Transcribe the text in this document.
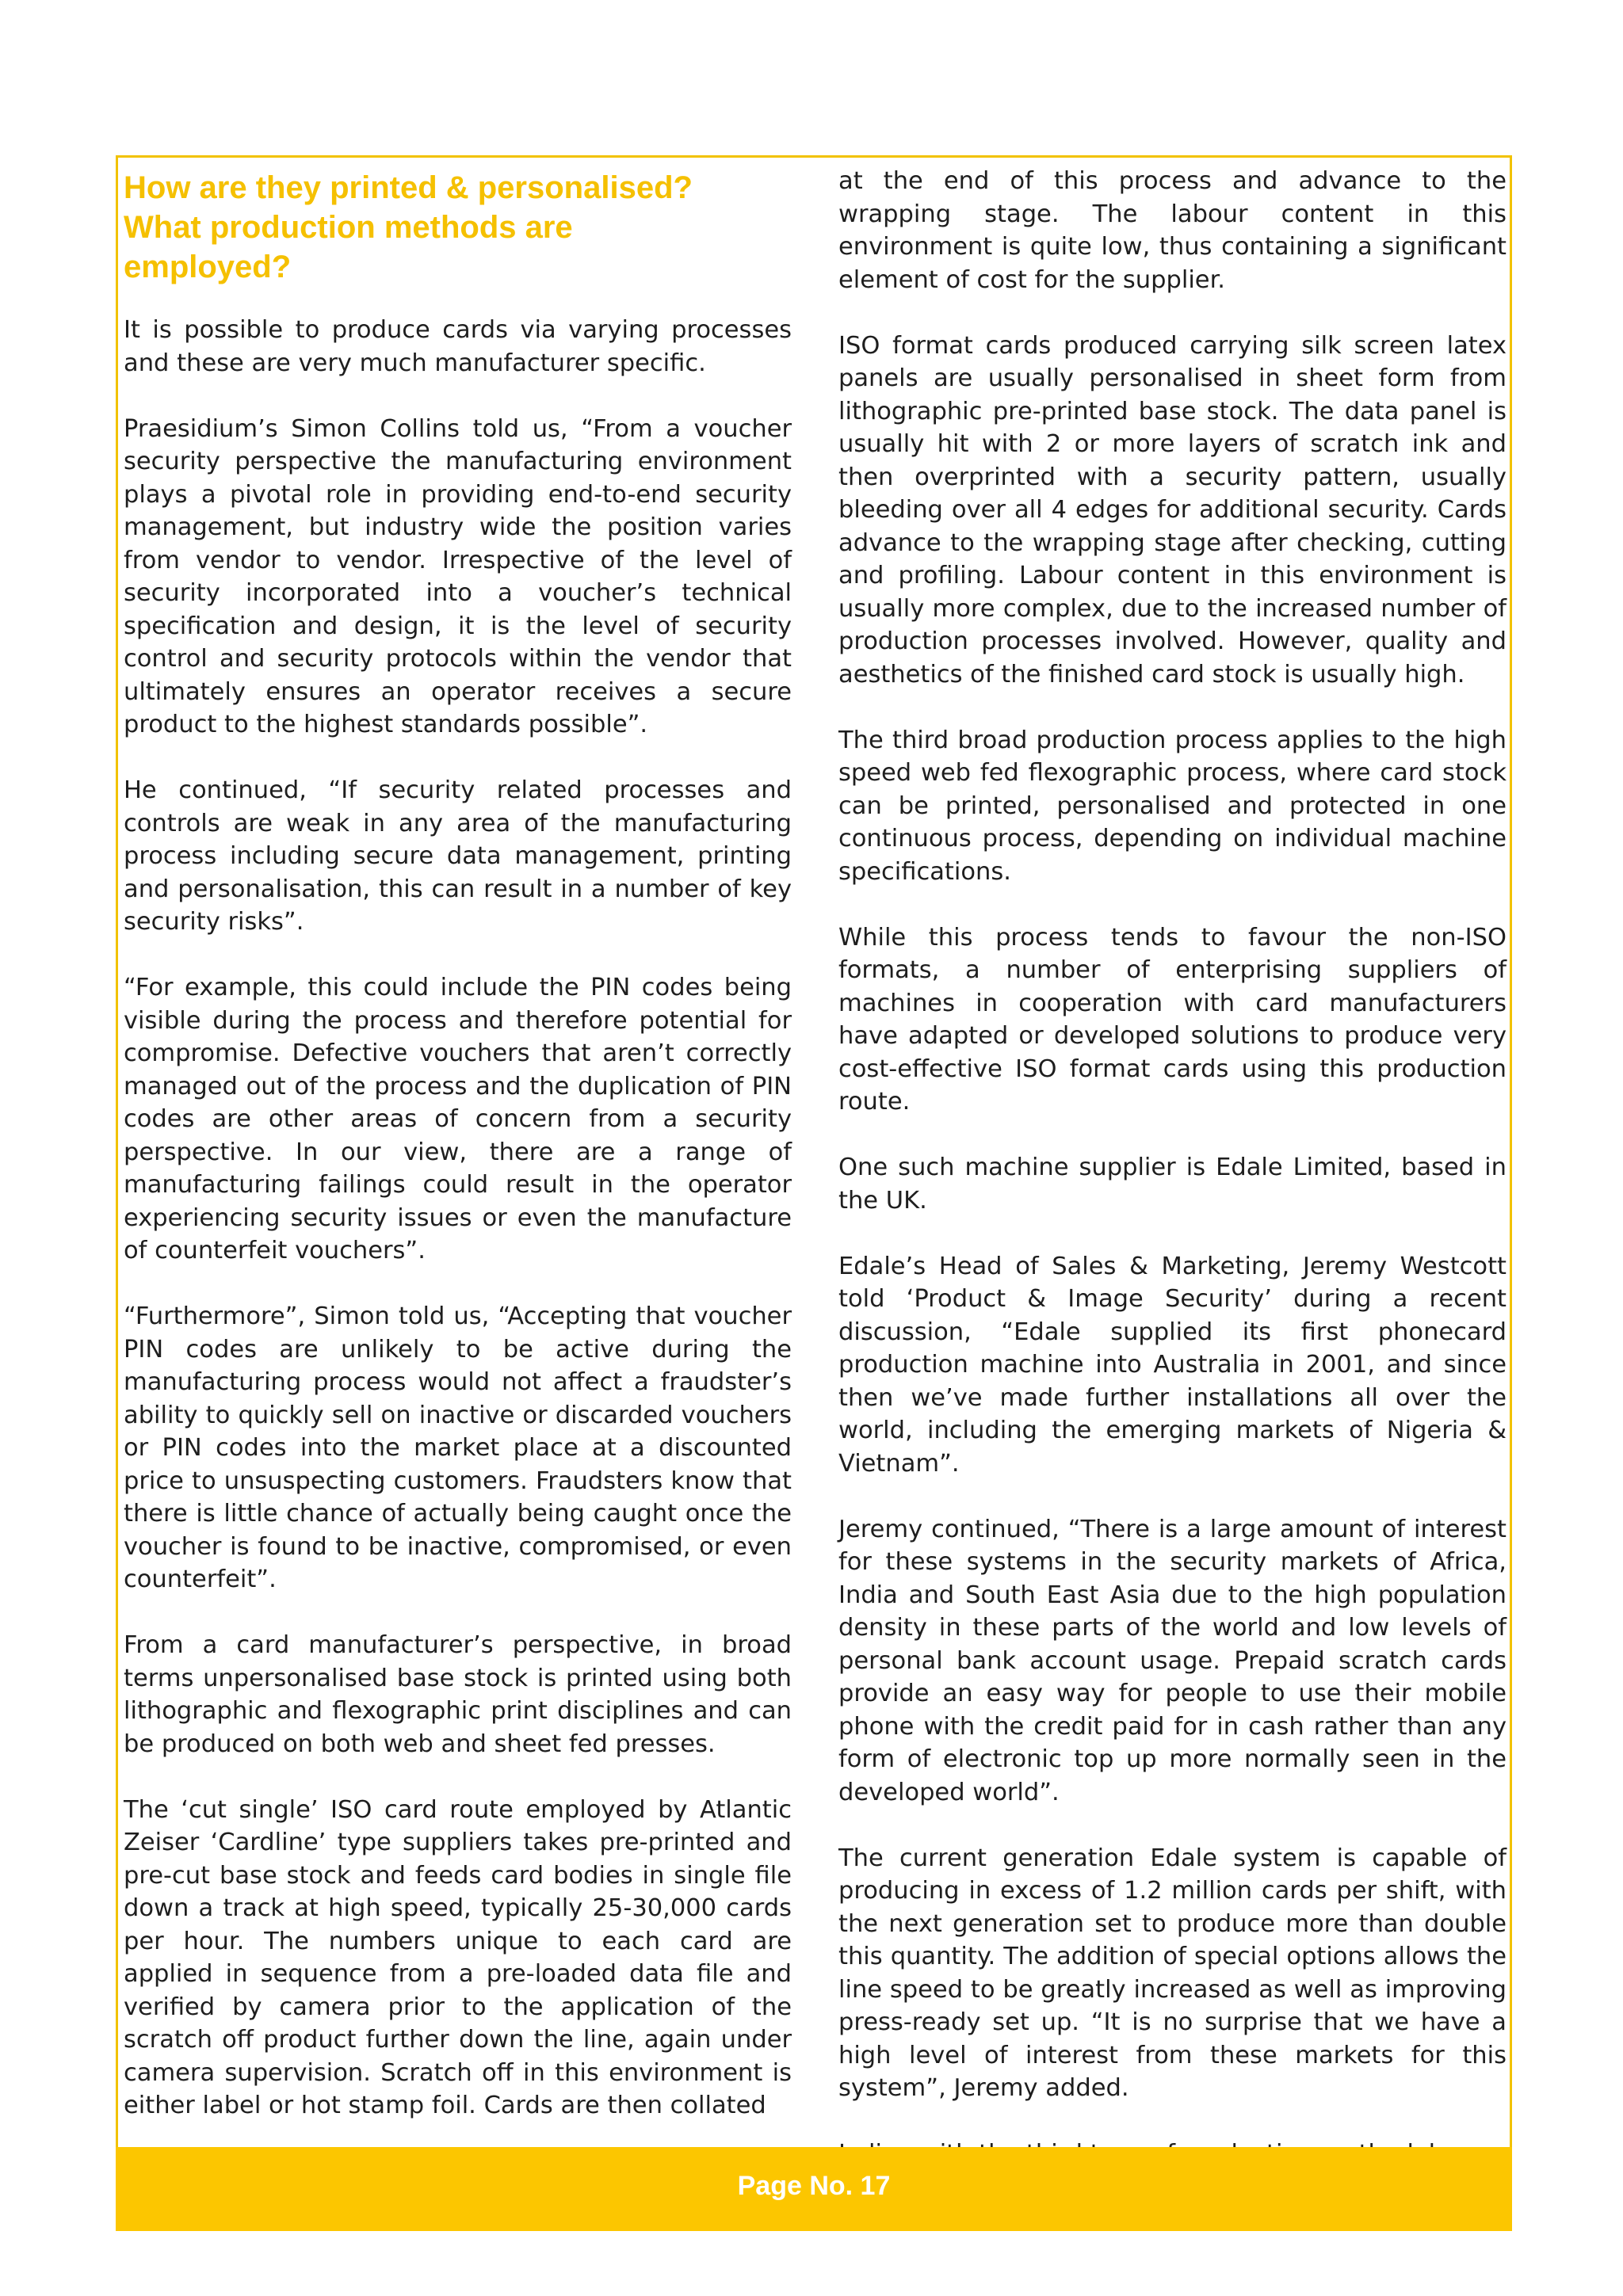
How are they printed & personalised?
What production methods are
employed?

It is possible to produce cards via varying processes and these are very much manufacturer specific.

Praesidium’s Simon Collins told us, “From a voucher security perspective the manufacturing environment plays a pivotal role in providing end-to-end security management, but industry wide the position varies from vendor to vendor. Irrespective of the level of security incorporated into a voucher’s technical specification and design, it is the level of security control and security protocols within the vendor that ultimately ensures an operator receives a secure product to the highest standards possible”.

He continued, “If security related processes and controls are weak in any area of the manufacturing process including secure data management, printing and personalisation, this can result in a number of key security risks”.

“For example, this could include the PIN codes being visible during the process and therefore potential for compromise. Defective vouchers that aren’t correctly managed out of the process and the duplication of PIN codes are other areas of concern from a security perspective. In our view, there are a range of manufacturing failings could result in the operator experiencing security issues or even the manufacture of counterfeit vouchers”.

“Furthermore”, Simon told us, “Accepting that voucher PIN codes are unlikely to be active during the manufacturing process would not affect a fraudster’s ability to quickly sell on inactive or discarded vouchers or PIN codes into the market place at a discounted price to unsuspecting customers. Fraudsters know that there is little chance of actually being caught once the voucher is found to be inactive, compromised, or even counterfeit”.

From a card manufacturer’s perspective, in broad terms unpersonalised base stock is printed using both lithographic and flexographic print disciplines and can be produced on both web and sheet fed presses.

The ‘cut single’ ISO card route employed by Atlantic Zeiser ‘Cardline’ type suppliers takes pre-printed and pre-cut base stock and feeds card bodies in single file down a track at high speed, typically 25-30,000 cards per hour. The numbers unique to each card are applied in sequence from a pre-loaded data file and verified by camera prior to the application of the scratch off product further down the line, again under camera supervision. Scratch off in this environment is either label or hot stamp foil. Cards are then collated

at the end of this process and advance to the wrapping stage. The labour content in this environment is quite low, thus containing a significant element of cost for the supplier.

ISO format cards produced carrying silk screen latex panels are usually personalised in sheet form from lithographic pre-printed base stock. The data panel is usually hit with 2 or more layers of scratch ink and then overprinted with a security pattern, usually bleeding over all 4 edges for additional security. Cards advance to the wrapping stage after checking, cutting and profiling. Labour content in this environment is usually more complex, due to the increased number of production processes involved. However, quality and aesthetics of the finished card stock is usually high.

The third broad production process applies to the high speed web fed flexographic process, where card stock can be printed, personalised and protected in one continuous process, depending on individual machine specifications.

While this process tends to favour the non-ISO formats, a number of enterprising suppliers of machines in cooperation with card manufacturers have adapted or developed solutions to produce very cost-effective ISO format cards using this production route.

One such machine supplier is Edale Limited, based in the UK.

Edale’s Head of Sales & Marketing, Jeremy Westcott told ‘Product & Image Security’ during a recent discussion, “Edale supplied its first phonecard production machine into Australia in 2001, and since then we’ve made further installations all over the world, including the emerging markets of Nigeria & Vietnam”.

Jeremy continued, “There is a large amount of interest for these systems in the security markets of Africa, India and South East Asia due to the high population density in these parts of the world and low levels of personal bank account usage. Prepaid scratch cards provide an easy way for people to use their mobile phone with the credit paid for in cash rather than any form of electronic top up more normally seen in the developed world”.

The current generation Edale system is capable of producing in excess of 1.2 million cards per shift, with the next generation set to produce more than double this quantity. The addition of special options allows the line speed to be greatly increased as well as improving press-ready set up. “It is no surprise that we have a high level of interest from these markets for this system”, Jeremy added.

Page No. 17
